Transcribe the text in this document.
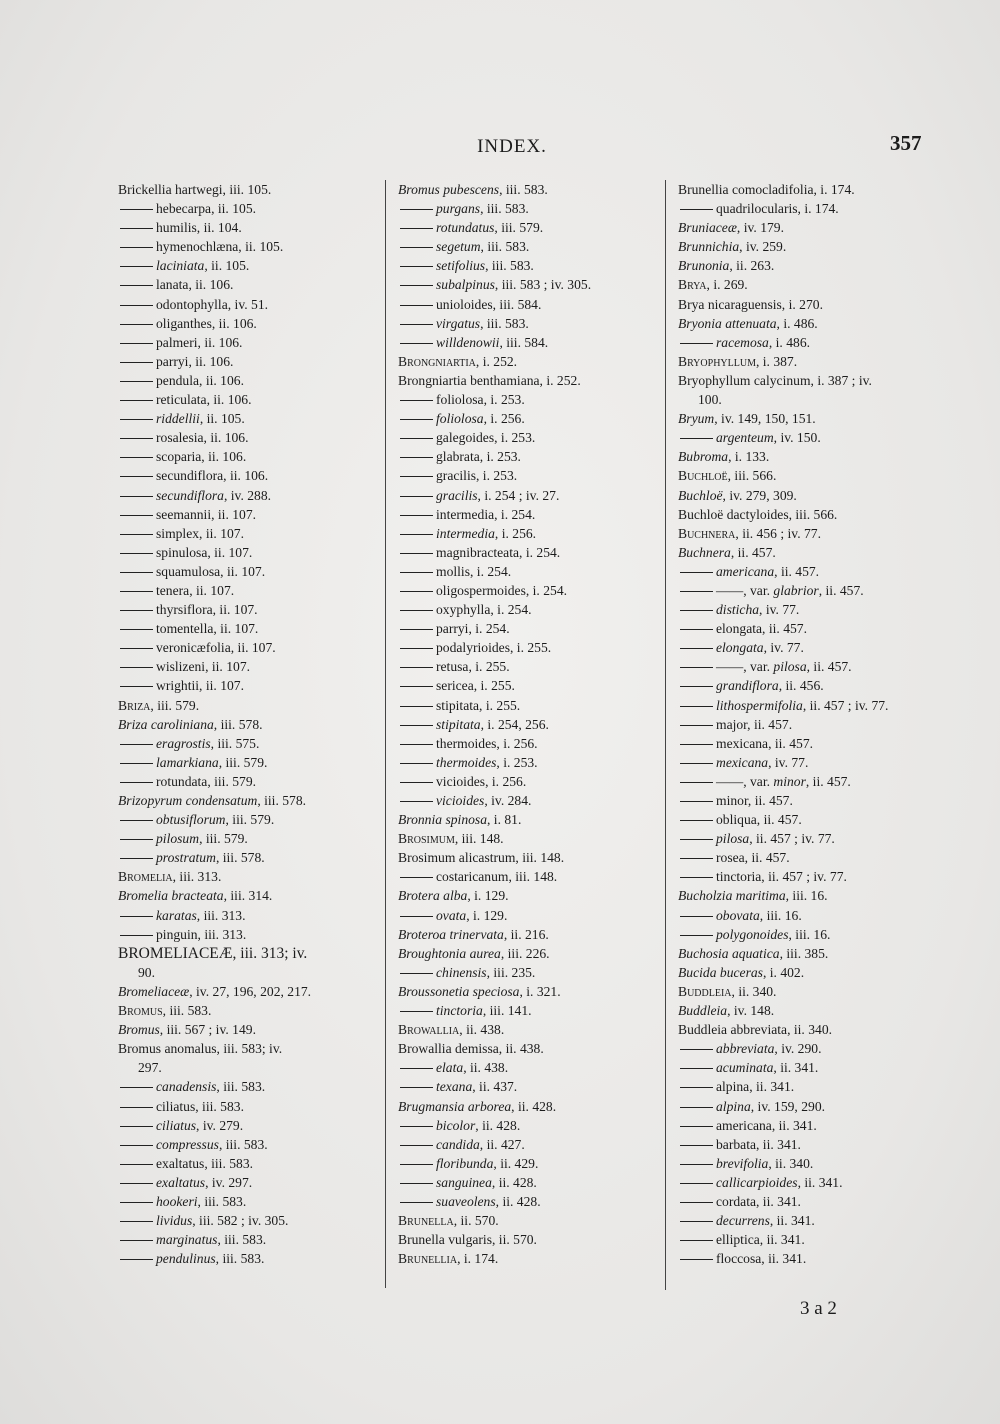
INDEX.	357
Brickellia hartwegi, iii. 105.
hebecarpa, ii. 105.
humilis, ii. 104.
hymenochlæna, ii. 105.
laciniata, ii. 105.
lanata, ii. 106.
odontophylla, iv. 51.
oliganthes, ii. 106.
palmeri, ii. 106.
parryi, ii. 106.
pendula, ii. 106.
reticulata, ii. 106.
riddellii, ii. 105.
rosalesia, ii. 106.
scoparia, ii. 106.
secundiflora, ii. 106.
secundiflora, iv. 288.
seemannii, ii. 107.
simplex, ii. 107.
spinulosa, ii. 107.
squamulosa, ii. 107.
tenera, ii. 107.
thyrsiflora, ii. 107.
tomentella, ii. 107.
veronicæfolia, ii. 107.
wislizeni, ii. 107.
wrightii, ii. 107.
Briza, iii. 579.
Briza caroliniana, iii. 578.
eragrostis, iii. 575.
lamarkiana, iii. 579.
rotundata, iii. 579.
Brizopyrum condensatum, iii. 578.
obtusiflorum, iii. 579.
pilosum, iii. 579.
prostratum, iii. 578.
Bromelia, iii. 313.
Bromelia bracteata, iii. 314.
karatas, iii. 313.
pinguin, iii. 313.
BROMELIACEÆ, iii. 313; iv.
90.
Bromeliaceæ, iv. 27, 196, 202, 217.
Bromus, iii. 583.
Bromus, iii. 567 ; iv. 149.
Bromus anomalus, iii. 583; iv.
297.
canadensis, iii. 583.
ciliatus, iii. 583.
ciliatus, iv. 279.
compressus, iii. 583.
exaltatus, iii. 583.
exaltatus, iv. 297.
hookeri, iii. 583.
lividus, iii. 582 ; iv. 305.
marginatus, iii. 583.
pendulinus, iii. 583.
Bromus pubescens, iii. 583.
purgans, iii. 583.
rotundatus, iii. 579.
segetum, iii. 583.
setifolius, iii. 583.
subalpinus, iii. 583 ; iv. 305.
unioloides, iii. 584.
virgatus, iii. 583.
willdenowii, iii. 584.
Brongniartia, i. 252.
Brongniartia benthamiana, i. 252.
foliolosa, i. 253.
foliolosa, i. 256.
galegoides, i. 253.
glabrata, i. 253.
gracilis, i. 253.
gracilis, i. 254 ; iv. 27.
intermedia, i. 254.
intermedia, i. 256.
magnibracteata, i. 254.
mollis, i. 254.
oligospermoides, i. 254.
oxyphylla, i. 254.
parryi, i. 254.
podalyrioides, i. 255.
retusa, i. 255.
sericea, i. 255.
stipitata, i. 255.
stipitata, i. 254, 256.
thermoides, i. 256.
thermoides, i. 253.
vicioides, i. 256.
vicioides, iv. 284.
Bronnia spinosa, i. 81.
Brosimum, iii. 148.
Brosimum alicastrum, iii. 148.
costaricanum, iii. 148.
Brotera alba, i. 129.
ovata, i. 129.
Broteroa trinervata, ii. 216.
Broughtonia aurea, iii. 226.
chinensis, iii. 235.
Broussonetia speciosa, i. 321.
tinctoria, iii. 141.
Browallia, ii. 438.
Browallia demissa, ii. 438.
elata, ii. 438.
texana, ii. 437.
Brugmansia arborea, ii. 428.
bicolor, ii. 428.
candida, ii. 427.
floribunda, ii. 429.
sanguinea, ii. 428.
suaveolens, ii. 428.
Brunella, ii. 570.
Brunella vulgaris, ii. 570.
Brunellia, i. 174.
Brunellia comocladifolia, i. 174.
quadrilocularis, i. 174.
Bruniaceæ, iv. 179.
Brunnichia, iv. 259.
Brunonia, ii. 263.
Brya, i. 269.
Brya nicaraguensis, i. 270.
Bryonia attenuata, i. 486.
racemosa, i. 486.
Bryophyllum, i. 387.
Bryophyllum calycinum, i. 387 ; iv.
100.
Bryum, iv. 149, 150, 151.
argenteum, iv. 150.
Bubroma, i. 133.
Buchloë, iii. 566.
Buchloë, iv. 279, 309.
Buchloë dactyloides, iii. 566.
Buchnera, ii. 456 ; iv. 77.
Buchnera, ii. 457.
americana, ii. 457.
——, var. glabrior, ii. 457.
disticha, iv. 77.
elongata, ii. 457.
elongata, iv. 77.
——, var. pilosa, ii. 457.
grandiflora, ii. 456.
lithospermifolia, ii. 457 ; iv. 77.
major, ii. 457.
mexicana, ii. 457.
mexicana, iv. 77.
——, var. minor, ii. 457.
minor, ii. 457.
obliqua, ii. 457.
pilosa, ii. 457 ; iv. 77.
rosea, ii. 457.
tinctoria, ii. 457 ; iv. 77.
Bucholzia maritima, iii. 16.
obovata, iii. 16.
polygonoides, iii. 16.
Buchosia aquatica, iii. 385.
Bucida buceras, i. 402.
Buddleia, ii. 340.
Buddleia, iv. 148.
Buddleia abbreviata, ii. 340.
abbreviata, iv. 290.
acuminata, ii. 341.
alpina, ii. 341.
alpina, iv. 159, 290.
americana, ii. 341.
barbata, ii. 341.
brevifolia, ii. 340.
callicarpioides, ii. 341.
cordata, ii. 341.
decurrens, ii. 341.
elliptica, ii. 341.
floccosa, ii. 341.
3 a 2
